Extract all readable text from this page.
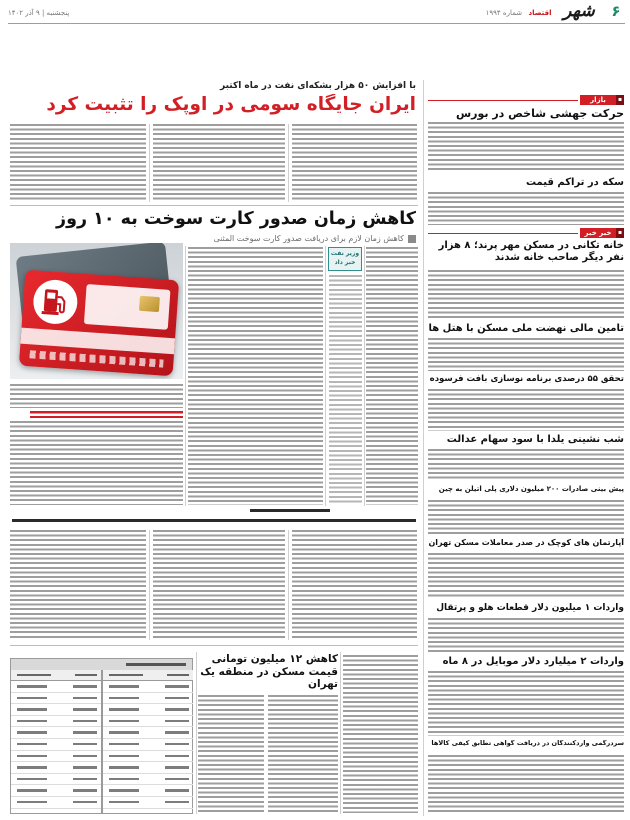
۶
شهر
اقتصاد
شماره ۱۹۹۴
پنجشنبه | ۹ آذر ۱۴۰۲
بازار	▪
حرکت جهشی شاخص در بورس
سکه در تراکم قیمت
خبر خبر	▪
خانه تکانی در مسکن مهر پرند؛ ۸ هزار نفر دیگر صاحب خانه شدند
تامین مالی نهضت ملی مسکن با هتل ها
تحقق ۵۵ درصدی برنامه نوسازی بافت فرسوده
شب نشینی یلدا با سود سهام عدالت
پیش بینی صادرات ۲۰۰ میلیون دلاری پلی اتیلن به چین
آپارتمان های کوچک در صدر معاملات مسکن تهران
واردات ۱ میلیون دلار قطعات هلو و پرتقال
واردات ۲ میلیارد دلار موبایل در ۸ ماه
سردرگمی واردکنندگان در دریافت گواهی تطابق کیفی کالاها
با افزایش ۵۰ هزار بشکه‌ای نفت در ماه اکتبر
ایران جایگاه سومی در اوپک را تثبیت کرد
کاهش زمان صدور کارت سوخت به ۱۰ روز
کاهش زمان لازم برای دریافت صدور کارت سوخت المثنی
وزیر نفت خبر داد
کاهش ۱۲ میلیون تومانی قیمت مسکن در منطقه یک تهران
